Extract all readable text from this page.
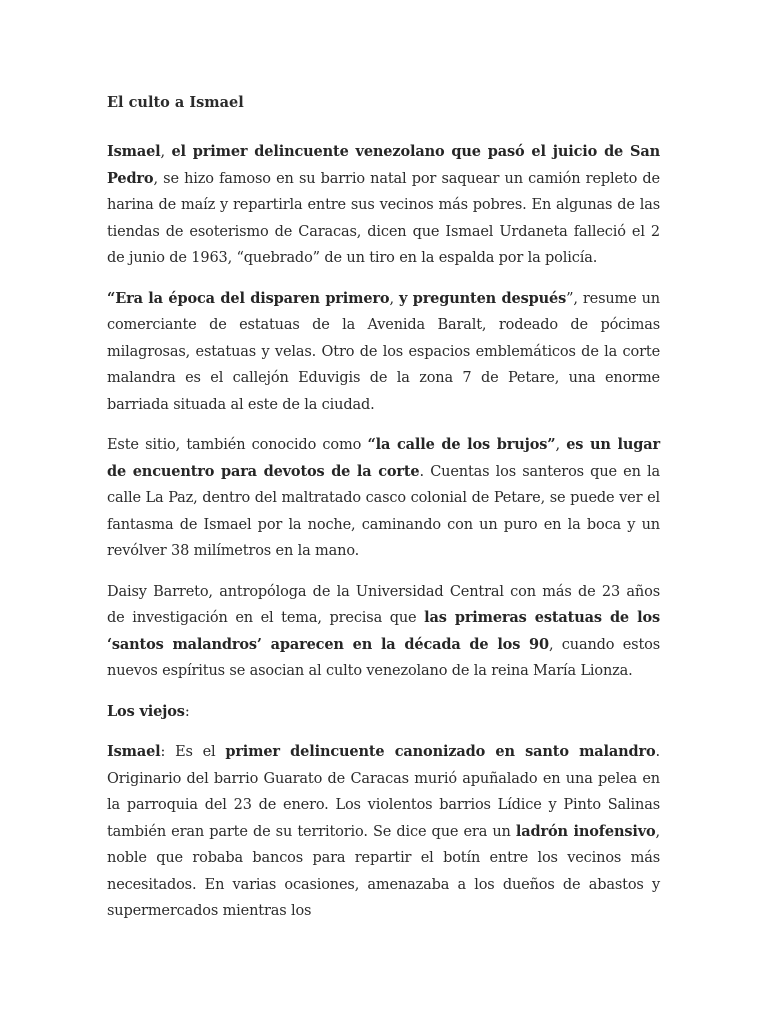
El culto a Ismael

Ismael, el primer delincuente venezolano que pasó el juicio de San Pedro, se hizo famoso en su barrio natal por saquear un camión repleto de harina de maíz y repartirla entre sus vecinos más pobres. En algunas de las tiendas de esoterismo de Caracas, dicen que Ismael Urdaneta falleció el 2 de junio de 1963, “quebrado” de un tiro en la espalda por la policía.

“Era la época del disparen primero, y pregunten después”, resume un comerciante de estatuas de la Avenida Baralt, rodeado de pócimas milagrosas, estatuas y velas. Otro de los espacios emblemáticos de la corte malandra es el callejón Eduvigis de la zona 7 de Petare, una enorme barriada situada al este de la ciudad.

Este sitio, también conocido como “la calle de los brujos”, es un lugar de encuentro para devotos de la corte. Cuentas los santeros que en la calle La Paz, dentro del maltratado casco colonial de Petare, se puede ver el fantasma de Ismael por la noche, caminando con un puro en la boca y un revólver 38 milímetros en la mano.

Daisy Barreto, antropóloga de la Universidad Central con más de 23 años de investigación en el tema, precisa que las primeras estatuas de los ‘santos malandros’ aparecen en la década de los 90, cuando estos nuevos espíritus se asocian al culto venezolano de la reina María Lionza.

Los viejos:

Ismael: Es el primer delincuente canonizado en santo malandro. Originario del barrio Guarato de Caracas murió apuñalado en una pelea en la parroquia del 23 de enero. Los violentos barrios Lídice y Pinto Salinas también eran parte de su territorio. Se dice que era un ladrón inofensivo, noble que robaba bancos para repartir el botín entre los vecinos más necesitados. En varias ocasiones, amenazaba a los dueños de abastos y supermercados mientras los
